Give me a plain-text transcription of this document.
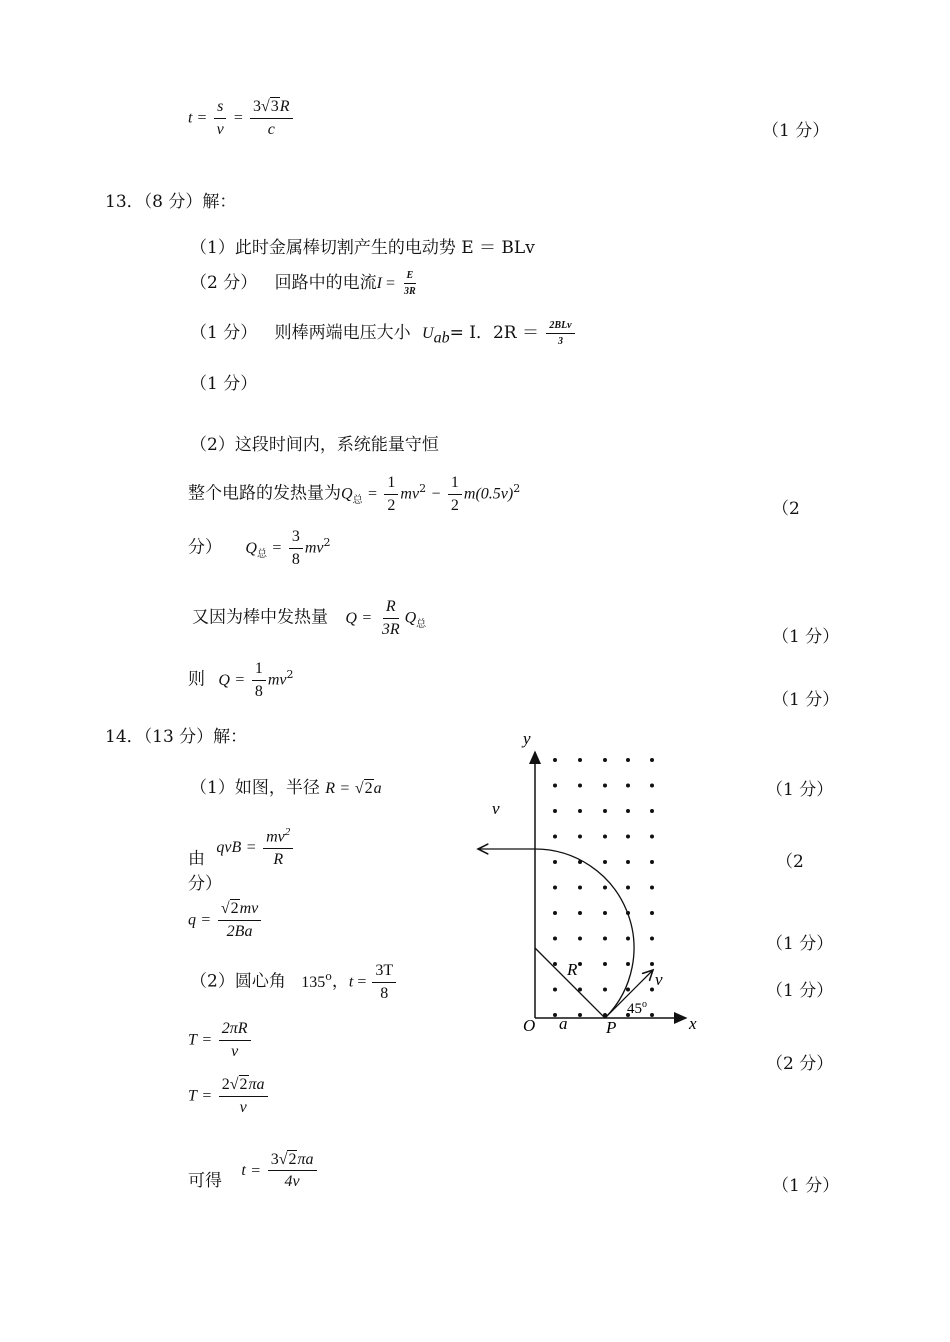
$t = \frac{s}{v} = \frac{3√3R}{c}$	（1 分）
13．（8 分）解：
（1）此时金属棒切割产生的电动势 E ＝ BLv
（2 分） 回路中的电流$I = \frac{E}{3R}$
（1 分） 则棒两端电压大小 $U_{ab}= I$．$2R = \frac{\text{2BLv}}{3}$
（1 分）
（2）这段时间内，系统能量守恒
整个电路的发热量为$Q_总 = \frac{1}{2} mv^2 - \frac{1}{2} m(0.5v)^2$
（2
分） $Q_总 = \frac{3}{8} mv^2$
又因为棒中发热量 $Q = \frac{R}{3R} Q_总$
（1 分）
则 $Q = \frac{1}{8} mv^2$
（1 分）
14．（13 分）解：
（1）如图，半径 R = √2a	（1 分）
由 qvB = $\frac{mv^2}{R}$
分）
（2
$q = \frac{√2mv}{2Ba}$
（1 分）
（2）圆心角 135$^o$，$t = \frac{3T}{8}$	（1 分）
$T = \frac{2\pi R}{v}$
（2 分）
$T = \frac{2√2\pi a}{v}$
可得 $t = \frac{3√2\pi a}{4v}$	（1 分）
y
x
O a P
R
v
v
45$^o$
